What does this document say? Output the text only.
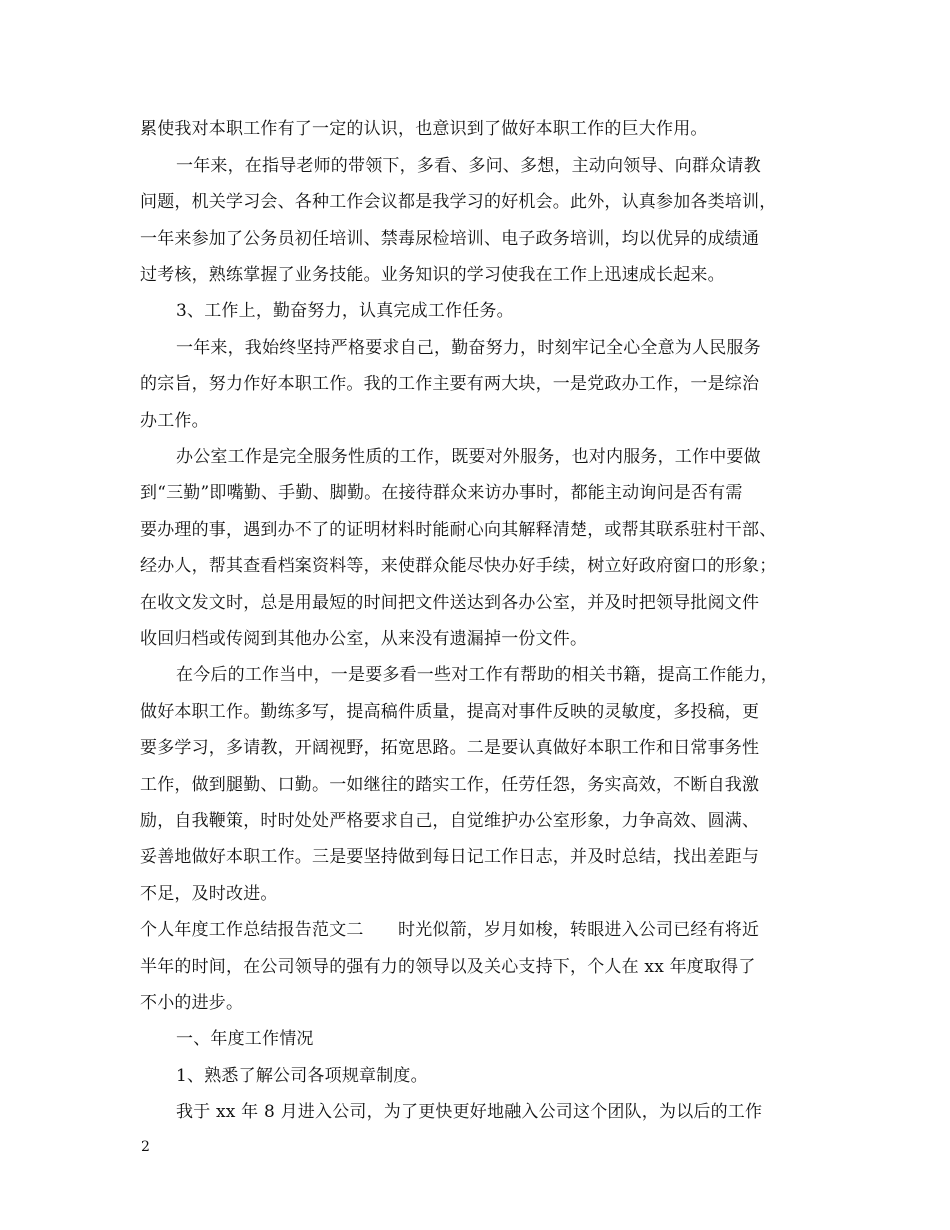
累使我对本职工作有了一定的认识，也意识到了做好本职工作的巨大作用。
一年来，在指导老师的带领下，多看、多问、多想，主动向领导、向群众请教
问题，机关学习会、各种工作会议都是我学习的好机会。此外，认真参加各类培训，
一年来参加了公务员初任培训、禁毒尿检培训、电子政务培训，均以优异的成绩通
过考核，熟练掌握了业务技能。业务知识的学习使我在工作上迅速成长起来。
3、工作上，勤奋努力，认真完成工作任务。
一年来，我始终坚持严格要求自己，勤奋努力，时刻牢记全心全意为人民服务
的宗旨，努力作好本职工作。我的工作主要有两大块，一是党政办工作，一是综治
办工作。
办公室工作是完全服务性质的工作，既要对外服务，也对内服务，工作中要做
到“三勤”即嘴勤、手勤、脚勤。在接待群众来访办事时，都能主动询问是否有需
要办理的事，遇到办不了的证明材料时能耐心向其解释清楚，或帮其联系驻村干部、
经办人，帮其查看档案资料等，来使群众能尽快办好手续，树立好政府窗口的形象；
在收文发文时，总是用最短的时间把文件送达到各办公室，并及时把领导批阅文件
收回归档或传阅到其他办公室，从来没有遗漏掉一份文件。
在今后的工作当中，一是要多看一些对工作有帮助的相关书籍，提高工作能力，
做好本职工作。勤练多写，提高稿件质量，提高对事件反映的灵敏度，多投稿，更
要多学习，多请教，开阔视野，拓宽思路。二是要认真做好本职工作和日常事务性
工作，做到腿勤、口勤。一如继往的踏实工作，任劳任怨，务实高效，不断自我激
励，自我鞭策，时时处处严格要求自己，自觉维护办公室形象，力争高效、圆满、
妥善地做好本职工作。三是要坚持做到每日记工作日志，并及时总结，找出差距与
不足，及时改进。
个人年度工作总结报告范文二　　时光似箭，岁月如梭，转眼进入公司已经有将近
半年的时间，在公司领导的强有力的领导以及关心支持下，个人在 xx 年度取得了
不小的进步。
一、年度工作情况
1、熟悉了解公司各项规章制度。
我于 xx 年 8 月进入公司，为了更快更好地融入公司这个团队，为以后的工作
2
